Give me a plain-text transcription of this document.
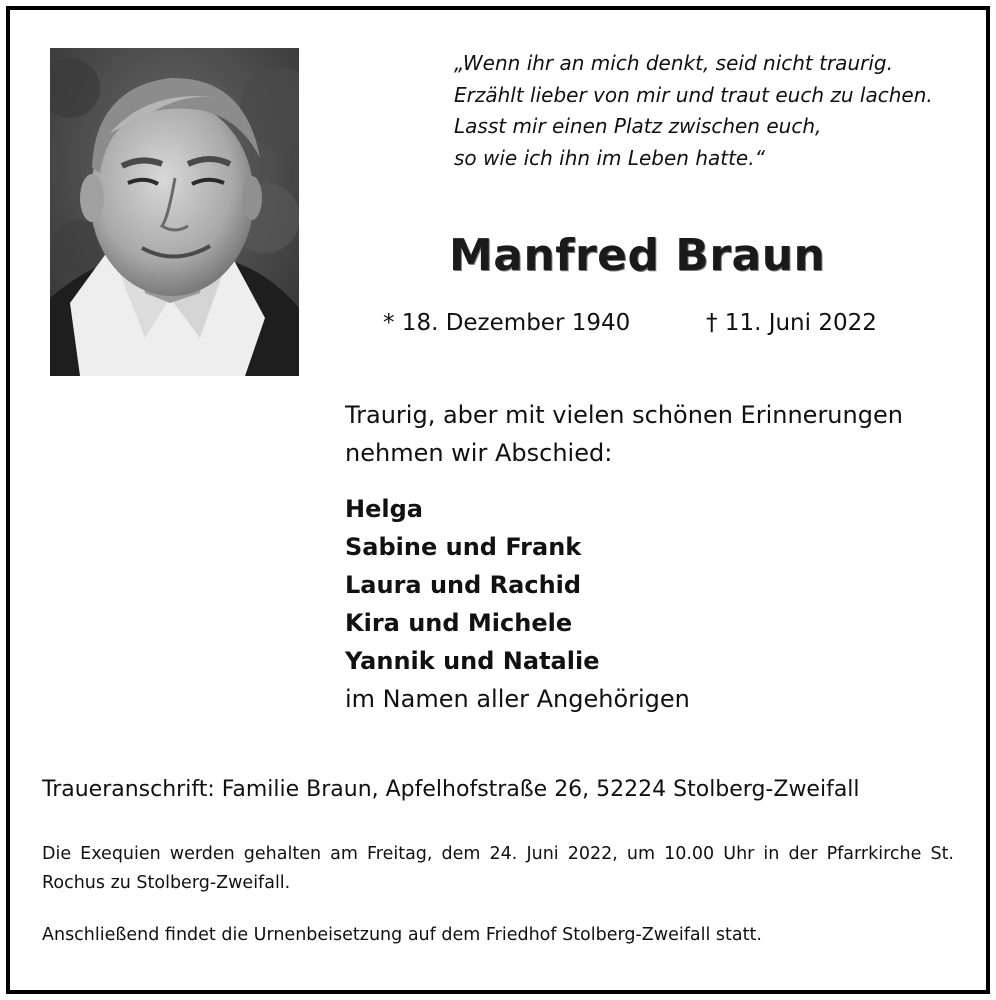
„Wenn ihr an mich denkt, seid nicht traurig.
Erzählt lieber von mir und traut euch zu lachen.
Lasst mir einen Platz zwischen euch,
so wie ich ihn im Leben hatte.“
Manfred Braun
* 18. Dezember 1940	† 11. Juni 2022
Traurig, aber mit vielen schönen Erinnerungen
nehmen wir Abschied:
Helga
Sabine und Frank
Laura und Rachid
Kira und Michele
Yannik und Natalie
im Namen aller Angehörigen
Traueranschrift: Familie Braun, Apfelhofstraße 26, 52224 Stolberg-Zweifall
Die Exequien werden gehalten am Freitag, dem 24. Juni 2022, um 10.00 Uhr in der Pfarrkirche St. Rochus zu Stolberg-Zweifall.
Anschließend findet die Urnenbeisetzung auf dem Friedhof Stolberg-Zweifall statt.
